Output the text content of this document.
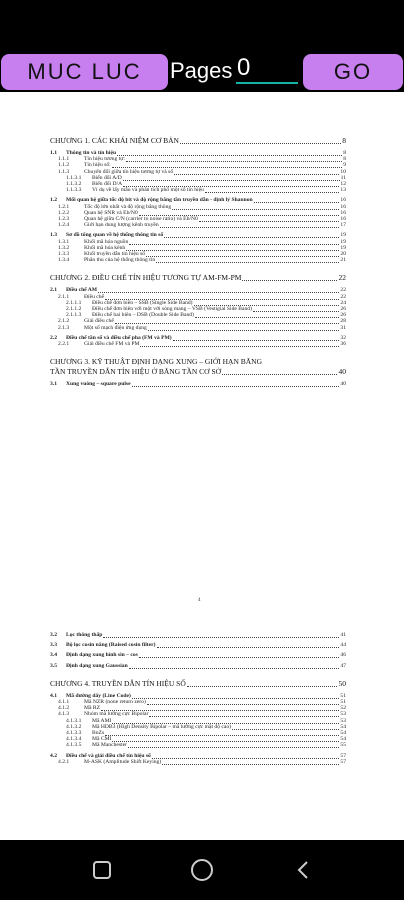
MUC LUC	Pages 0	GO
CHƯƠNG 1. CÁC KHÁI NIỆM CƠ BẢN	8
1.1 Thông tin và tín hiệu	8
1.1.1	Tín hiệu tương tự:	8
1.1.2	Tín hiệu số:	9
1.1.3	Chuyển đổi giữa tín hiệu tương tự và số	10
1.1.3.1 Biến đổi A/D	11
1.1.3.2 Biến đổi D/A	12
1.1.3.3 Ví dụ về lấy mẫu và phân tích phổ một số tín hiệu	13
1.2 Mối quan hệ giữa tốc độ bit và độ rộng băng tần truyền dẫn - định lý Shannon	16
1.2.1	Tốc độ lớn nhất và độ rộng băng thông	16
1.2.2	Quan hệ SNR và Eb/N0	16
1.2.3	Quan hệ giữa C/N (carrier to noise ratio) và Eb/N0	16
1.2.4	Giới hạn dung lượng kênh truyền	17
1.3 Sơ đồ tổng quan về hệ thống thông tin số	19
1.3.1	Khối mã hóa nguồn	19
1.3.2	Khối mã hóa kênh	19
1.3.3	Khối truyền dẫn tín hiệu số	20
1.3.4	Phân thu của hệ thống thông tin	21
CHƯƠNG 2. ĐIỀU CHẾ TÍN HIỆU TƯƠNG TỰ AM-FM-PM	22
2.1 Điều chế AM	22
2.1.1	Điều chế	22
2.1.1.1 Điều chế đơn biên – SSB (Single Side Band)	24
2.1.1.2 Điều chế đơn biên với một với sóng mang – VSB (Vestigial Side Band)	26
2.1.1.3 Điều chế hai biên – DSB (Double Side Band)	26
2.1.2	Giải điều chế	28
2.1.3	Một số mạch điện ứng dụng	31
2.2 Điều chế tần số và điều chế pha (FM và PM)	32
2.2.1	Giải điều chế FM và PM	36
CHƯƠNG 3. KỸ THUẬT ĐỊNH DẠNG XUNG – GIỚI HẠN BĂNG
TẦN TRUYỀN DẪN TÍN HIỆU Ở BĂNG TẦN CƠ SỞ	40
3.1 Xung vuông – square pulse	40
4
3.2 Lọc thông thấp	41
3.3 Bộ lọc cosin nâng (Raised cosin filter)	44
3.4 Định dạng xung hình sin – cos	46
3.5 Định dạng xung Gaussian	47
CHƯƠNG 4. TRUYỀN DẪN TÍN HIỆU SỐ	50
4.1 Mã đường dây (Line Code)	51
4.1.1	Mã NZR (none return zero)	51
4.1.2	Mã RZ	52
4.1.3	Nhóm mã lưỡng cực Bipolar	53
4.1.3.1 Mã AMI	53
4.1.3.2 Mã HDB3 (High Density Bipolar – mã lưỡng cực mật độ cao)	54
4.1.3.3 BnZs	54
4.1.3.4 Mã CMI	54
4.1.3.5 Mã Manchester	55
4.2 Điều chế và giải điều chế tín hiệu số	57
4.2.1	M-ASK (Amplitude Shift Keying)	57
